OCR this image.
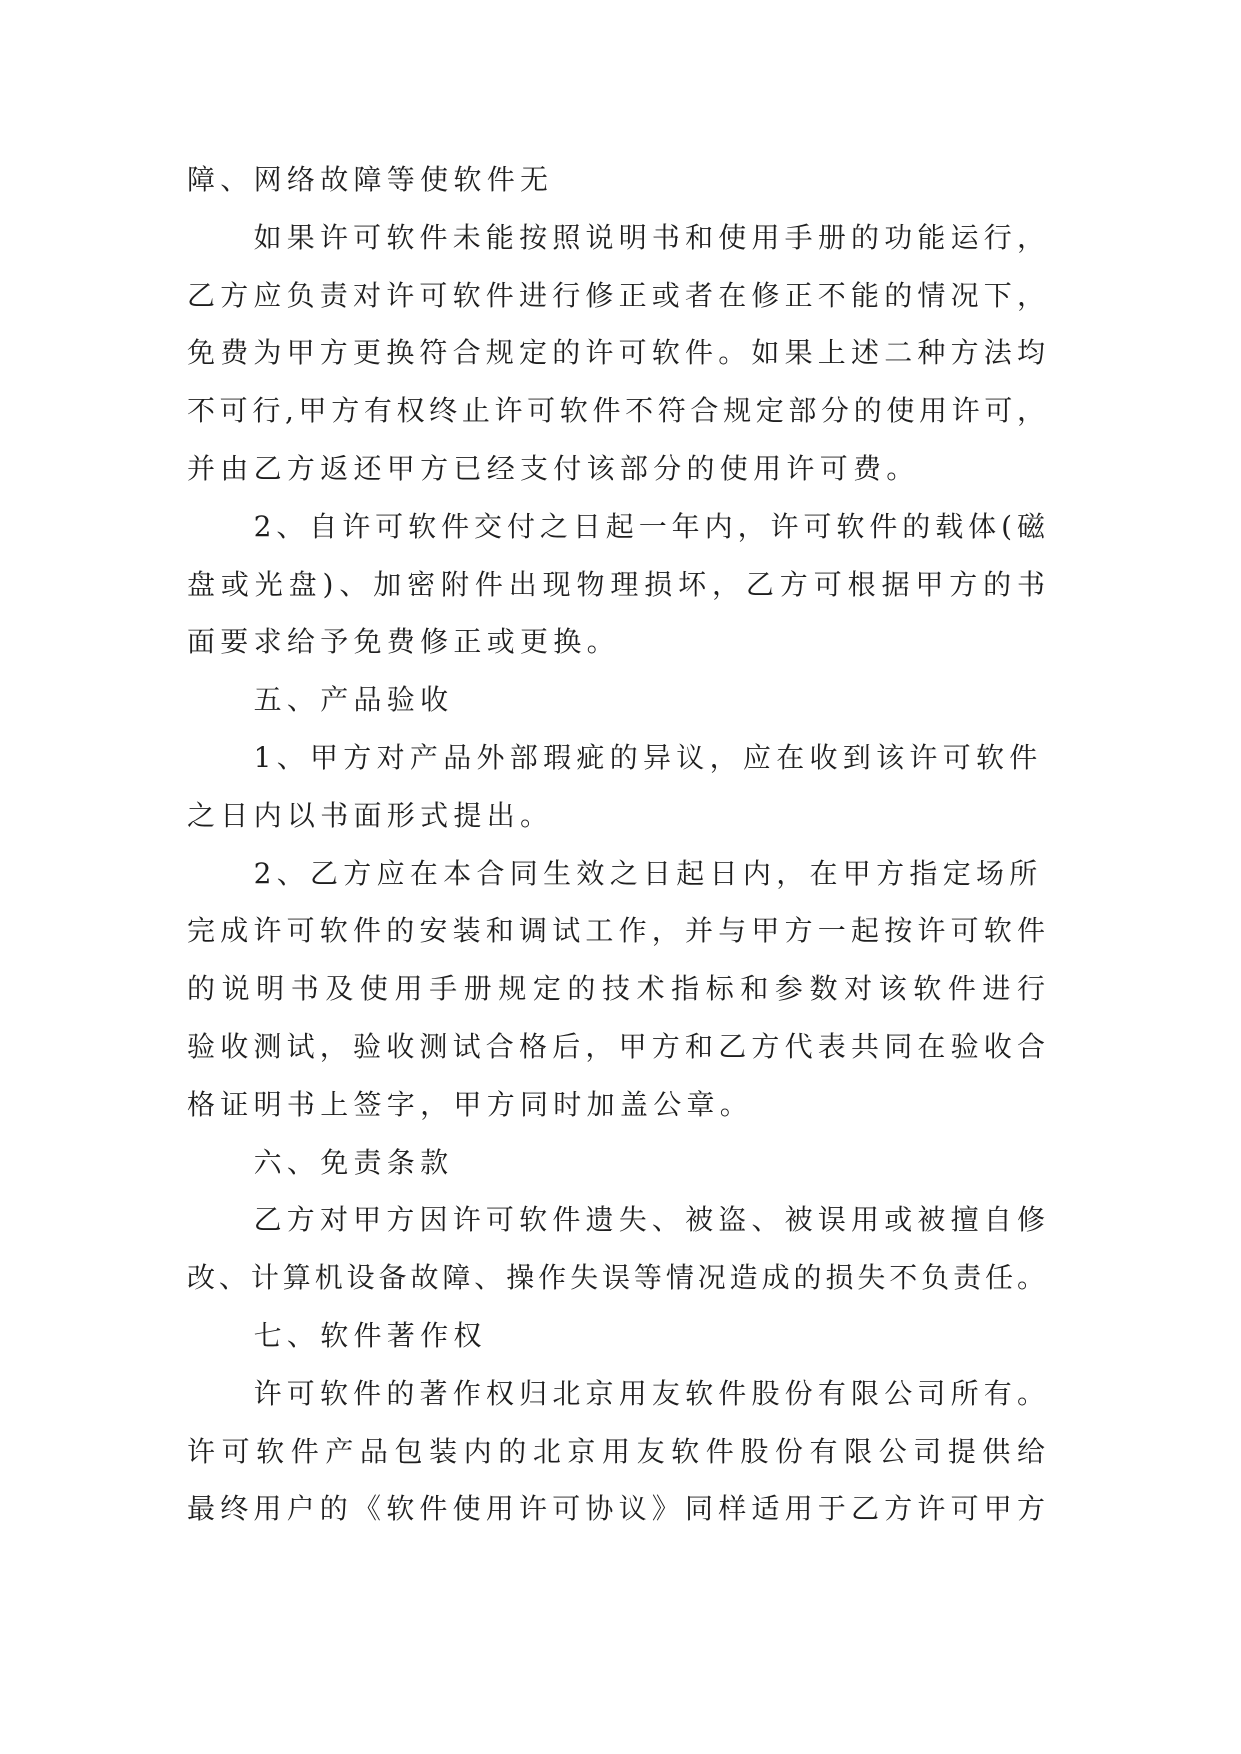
障、网络故障等使软件无
如果许可软件未能按照说明书和使用手册的功能运行，
乙方应负责对许可软件进行修正或者在修正不能的情况下，
免费为甲方更换符合规定的许可软件。如果上述二种方法均
不可行,甲方有权终止许可软件不符合规定部分的使用许可，
并由乙方返还甲方已经支付该部分的使用许可费。
2、自许可软件交付之日起一年内，许可软件的载体(磁
盘或光盘)、加密附件出现物理损坏，乙方可根据甲方的书
面要求给予免费修正或更换。
五、产品验收
1、甲方对产品外部瑕疵的异议，应在收到该许可软件
之日内以书面形式提出。
2、乙方应在本合同生效之日起日内，在甲方指定场所
完成许可软件的安装和调试工作，并与甲方一起按许可软件
的说明书及使用手册规定的技术指标和参数对该软件进行
验收测试，验收测试合格后，甲方和乙方代表共同在验收合
格证明书上签字，甲方同时加盖公章。
六、免责条款
乙方对甲方因许可软件遗失、被盗、被误用或被擅自修
改、计算机设备故障、操作失误等情况造成的损失不负责任。
七、软件著作权
许可软件的著作权归北京用友软件股份有限公司所有。
许可软件产品包装内的北京用友软件股份有限公司提供给
最终用户的《软件使用许可协议》同样适用于乙方许可甲方
